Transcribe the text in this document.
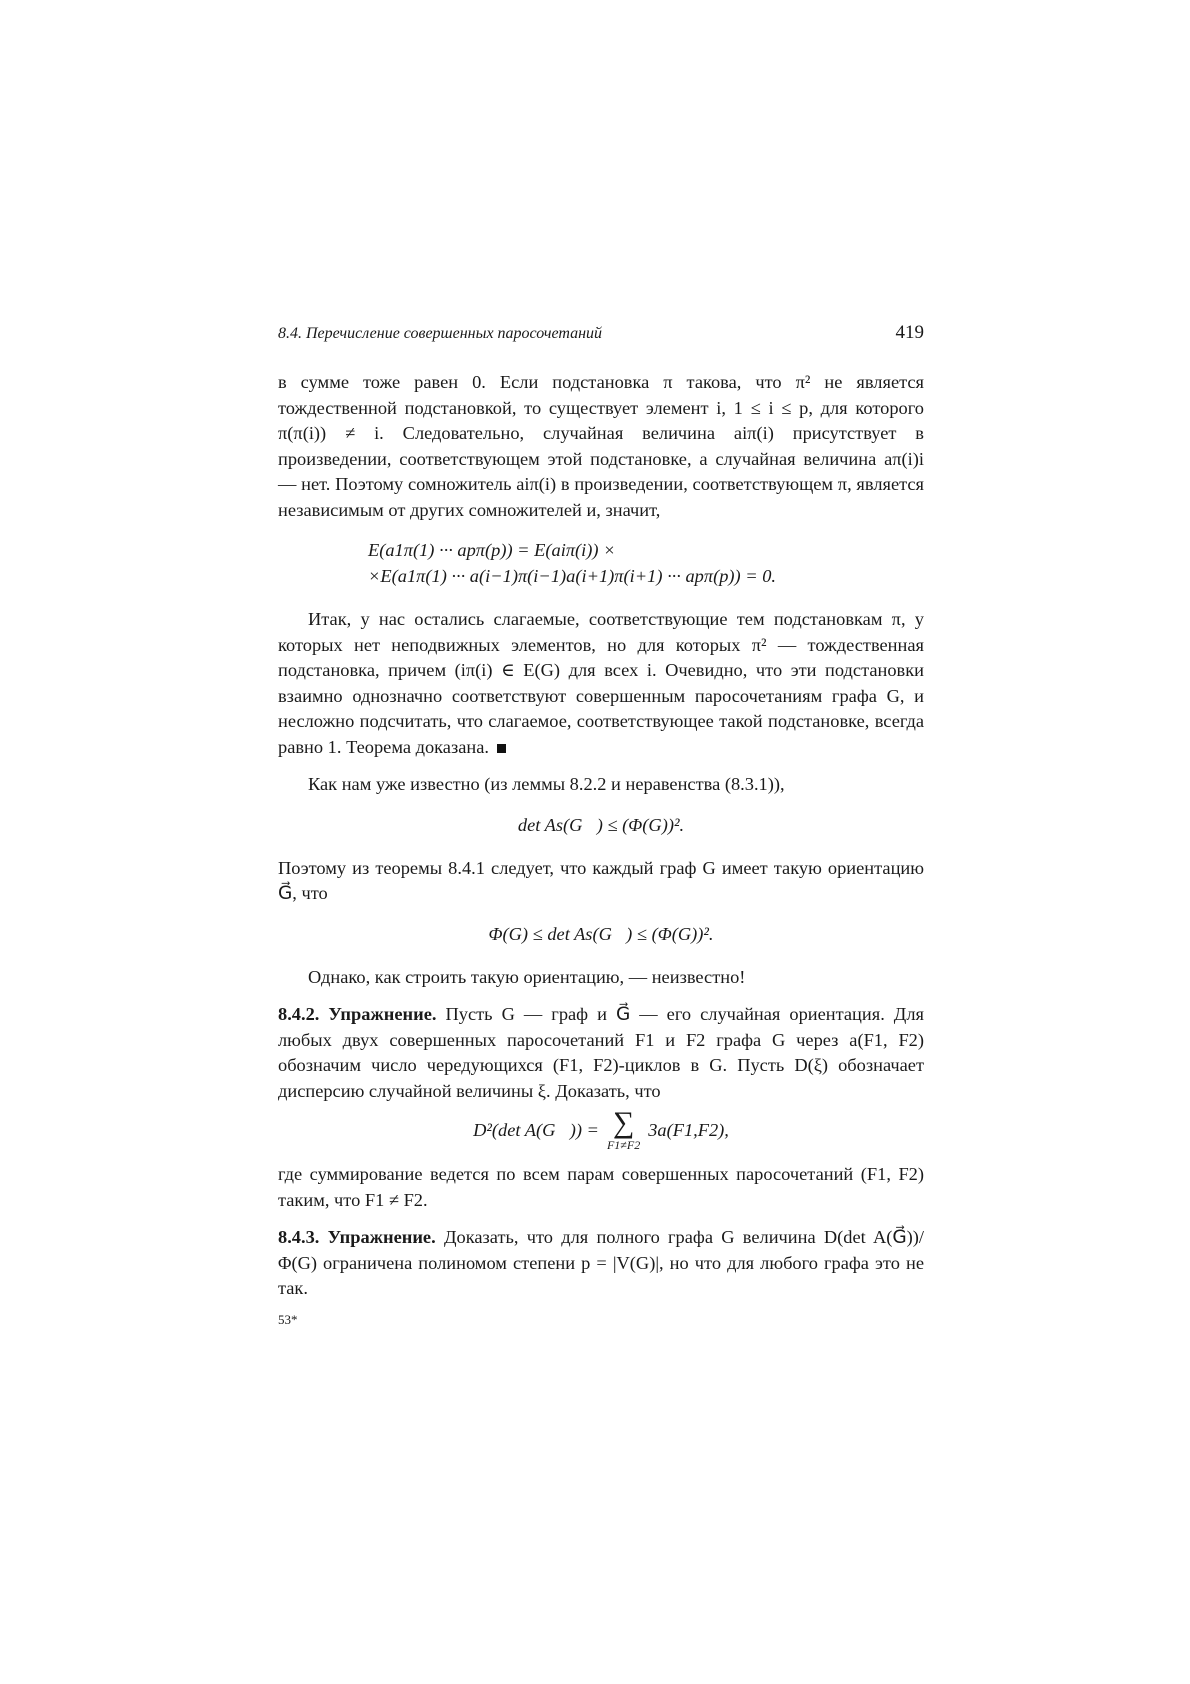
8.4. Перечисление совершенных паросочетаний	419

в сумме тоже равен 0. Если подстановка π такова, что π² не является тождественной подстановкой, то существует элемент i, 1 ≤ i ≤ p, для которого π(π(i)) ≠ i. Следовательно, случайная величина aiπ(i) присутствует в произведении, соответствующем этой подстановке, а случайная величина aπ(i)i — нет. Поэтому сомножитель aiπ(i) в произведении, соответствующем π, является независимым от других сомножителей и, значит,

E(a1π(1) ··· apπ(p)) = E(aiπ(i)) ×
×E(a1π(1) ··· a(i−1)π(i−1)a(i+1)π(i+1) ··· apπ(p)) = 0.

Итак, у нас остались слагаемые, соответствующие тем подстановкам π, у которых нет неподвижных элементов, но для которых π² — тождественная подстановка, причем (iπ(i) ∈ E(G) для всех i. Очевидно, что эти подстановки взаимно однозначно соответствуют совершенным паросочетаниям графа G, и несложно подсчитать, что слагаемое, соответствующее такой подстановке, всегда равно 1. Теорема доказана.

Как нам уже известно (из леммы 8.2.2 и неравенства (8.3.1)),

det As(G⃗) ≤ (Φ(G))².

Поэтому из теоремы 8.4.1 следует, что каждый граф G имеет такую ориентацию G⃗, что

Φ(G) ≤ det As(G⃗) ≤ (Φ(G))².

Однако, как строить такую ориентацию, — неизвестно!

8.4.2. Упражнение. Пусть G — граф и G⃗ — его случайная ориентация. Для любых двух совершенных паросочетаний F1 и F2 графа G через a(F1, F2) обозначим число чередующихся (F1, F2)-циклов в G. Пусть D(ξ) обозначает дисперсию случайной величины ξ. Доказать, что

D²(det A(G⃗)) = ∑
F1≠F2
3a(F1,F2),

где суммирование ведется по всем парам совершенных паросочетаний (F1, F2) таким, что F1 ≠ F2.

8.4.3. Упражнение. Доказать, что для полного графа G величина D(det A(G⃗))/Φ(G) ограничена полиномом степени p = |V(G)|, но что для любого графа это не так.

53*
